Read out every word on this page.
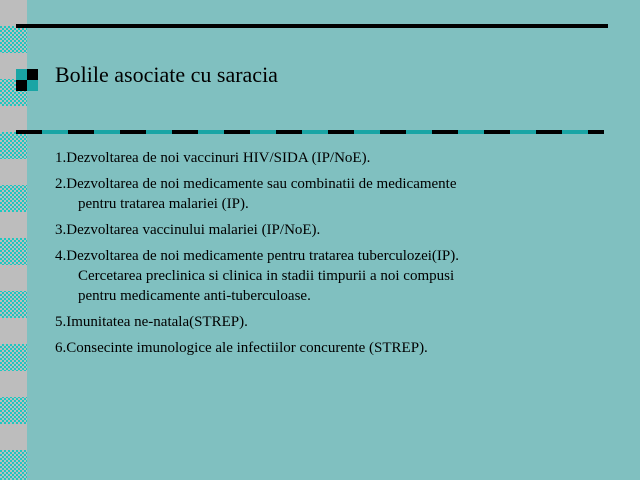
Bolile asociate cu saracia
1.Dezvoltarea de noi vaccinuri HIV/SIDA (IP/NoE).
2.Dezvoltarea de noi medicamente sau combinatii de medicamente
pentru tratarea malariei (IP).
3.Dezvoltarea vaccinului malariei (IP/NoE).
4.Dezvoltarea de noi medicamente pentru tratarea tuberculozei(IP).
Cercetarea preclinica si clinica in stadii timpurii a noi compusi
pentru medicamente anti-tuberculoase.
5.Imunitatea ne-natala(STREP).
6.Consecinte imunologice ale infectiilor concurente (STREP).
